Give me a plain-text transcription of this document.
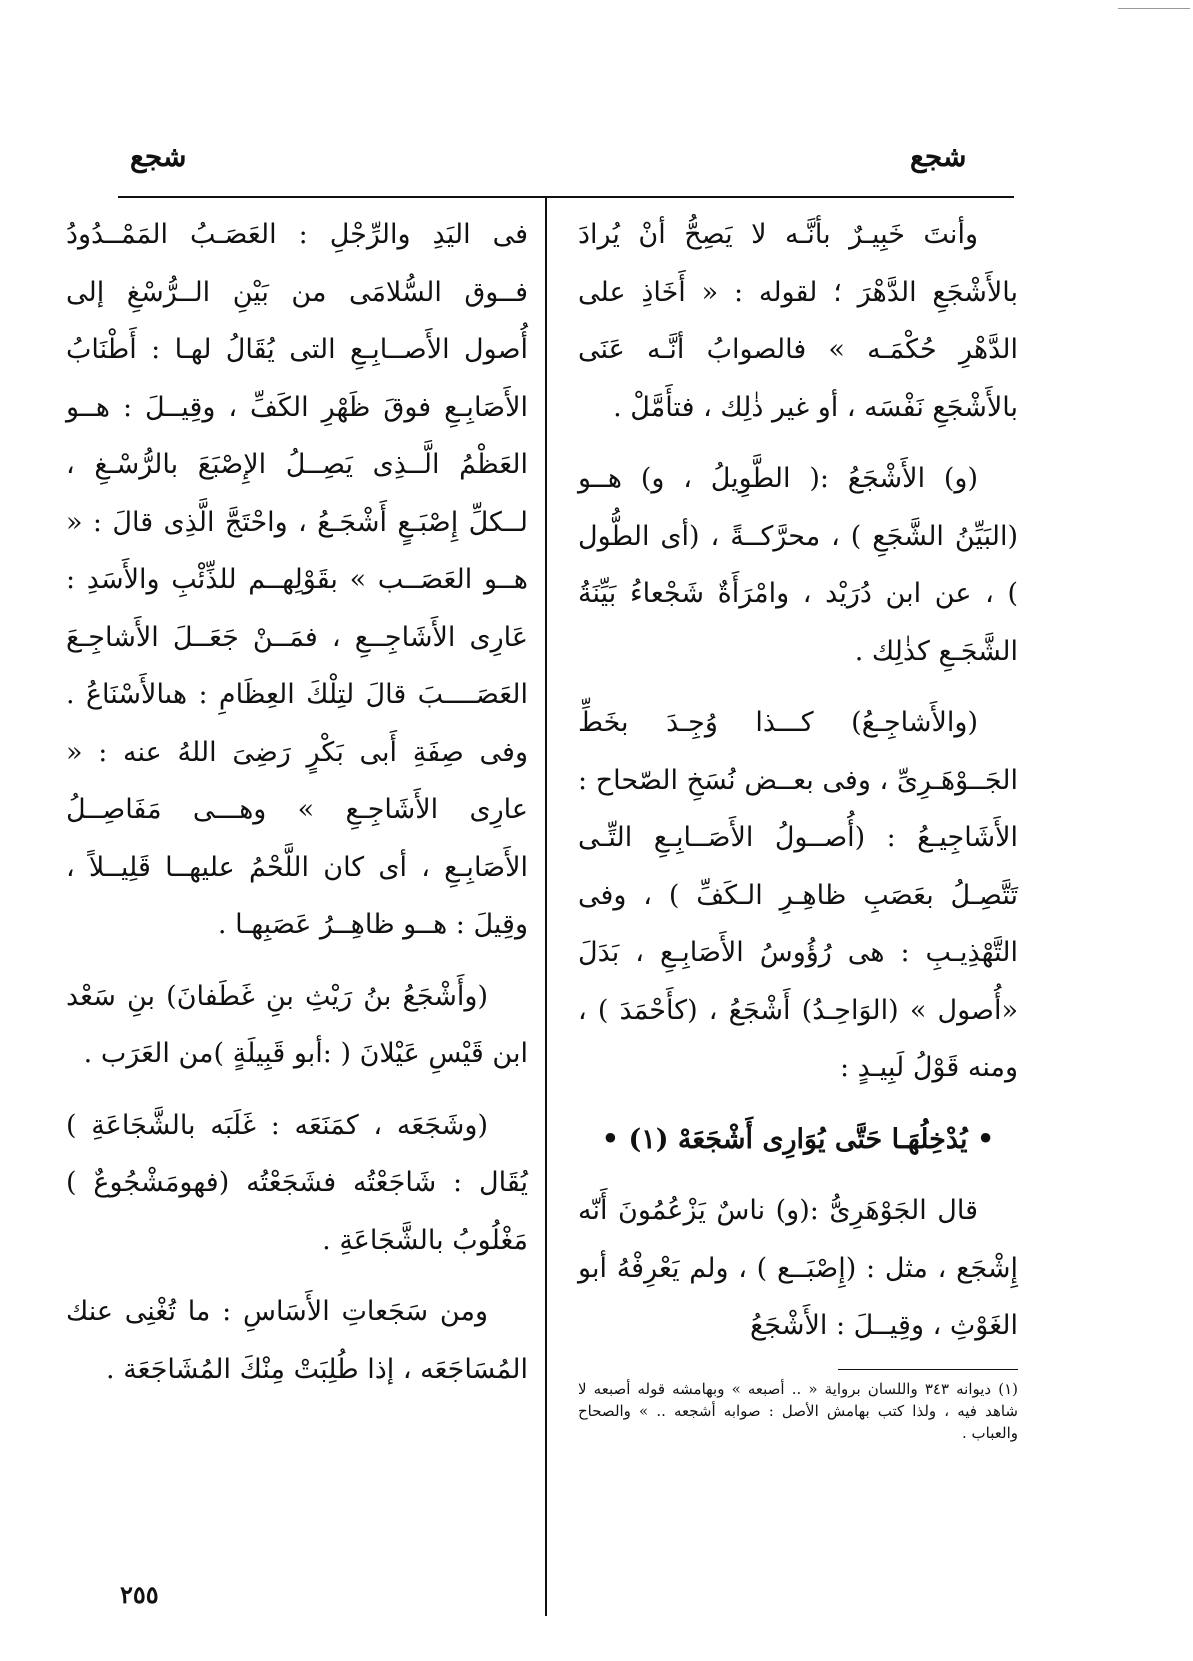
شجع
شجع

وأنتَ خَبِيـرٌ بأنَّـه لا يَصِحُّ أنْ يُرادَ بالأَشْجَعِ الدَّهْرَ ؛ لقوله : « أَخَاذِ على الدَّهْرِ حُكْمَـه » فالصوابُ أنَّـه عَنَى بالأَشْجَعِ نَفْسَه ، أو غير ذٰلِك ، فتأَمَّلْ .

(و) الأَشْجَعُ :( الطَّوِيلُ ، و) هــو (البَيِّنُ الشَّجَعِ ) ، محرَّكــةً ، (أى الطُّول ) ، عن ابن دُرَيْد ، وامْرَأَةٌ شَجْعاءُ بَيِّنَةُ الشَّجَـعِ كذٰلِك .

(والأَشاجِـعُ) كـــذا وُجِـدَ بخَطِّ الجَــوْهَـرِىِّ ، وفى بعــض نُسَخِ الصّحاح : الأَشَاجِيـعُ : (أُصــولُ الأَصَــابِـعِ التِّـى تَتَّصِـلُ بعَصَبِ ظاهِـرِ الـكَفِّ ) ، وفى التَّهْذِيـبِ : هى رُؤُوسُ الأَصَابِـعِ ، بَدَلَ «أُصول » (الوَاحِـدُ) أَشْجَعُ ، (كأَحْمَدَ ) ، ومنه قَوْلُ لَبِيـدٍ :

• يُدْخِلُهَـا حَتَّى يُوَارِى أَشْجَعَهْ (١) •

قال الجَوْهَرِىُّ :(و) ناسٌ يَزْعُمُونَ أَنّه إِشْجَع ، مثل : (إِصْبَــع ) ، ولم يَعْرِفْهُ أبو الغَوْثِ ، وقِيــلَ : الأَشْجَعُ

(١) ديوانه ٣٤٣ واللسان برواية « .. أصبعه » وبهامشه قوله أصبعه لا شاهد فيه ، ولذا كتب بهامش الأصل : صوابه أشجعه .. » والصحاح والعباب .

فى اليَدِ والرِّجْلِ : العَصَـبُ المَمْــدُودُ فــوق السُّلامَى من بَيْنِ الــرُّسْغِ إلى أُصول الأَصــابِـعِ التى يُقَالُ لهـا : أَطْنَابُ الأَصَابِـعِ فوقَ ظَهْرِ الكَفِّ ، وقِيــلَ : هــو العَظْمُ الَّــذِى يَصِــلُ الإِصْبَعَ بالرُّسْـغِ ، لــكلِّ إِصْبَـعٍ أَشْجَـعُ ، واحْتَجَّ الَّذِى قالَ : « هــو العَصَــب » بقَوْلِهــم للذِّئْبِ والأَسَدِ : عَارِى الأَشَاجِــعِ ، فمَــنْ جَعَــلَ الأَشاجِـعَ العَصَــــبَ قالَ لتِلْكَ العِظَامِ : هىالأَسْنَاعُ . وفى صِفَةِ أَبى بَكْرٍ رَضِىَ اللهُ عنه : « عارِى الأَشَاجِـعِ » وهـــى مَفَاصِــلُ الأَصَابِـعِ ، أى كان اللَّحْمُ عليهــا قَلِيــلاً ، وقِيلَ : هــو ظاهِــرُ عَصَبِهـا .

(وأَشْجَعُ بنُ رَيْثِ بنِ غَطَفانَ) بنِ سَعْد ابن قَيْسِ عَيْلانَ ( :أبو قَبِيلَةٍ )من العَرَب .

(وشَجَعَه ، كمَنَعَه : غَلَبَه بالشَّجَاعَةِ ) يُقَال : شَاجَعْتُه فشَجَعْتُه (فهومَشْجُوعٌ ) مَغْلُوبُ بالشَّجَاعَةِ .

ومن سَجَعاتِ الأَسَاسِ : ما تُغْنِى عنك المُسَاجَعَه ، إذا طُلِبَتْ مِنْكَ المُشَاجَعَة .

٢٥٥
